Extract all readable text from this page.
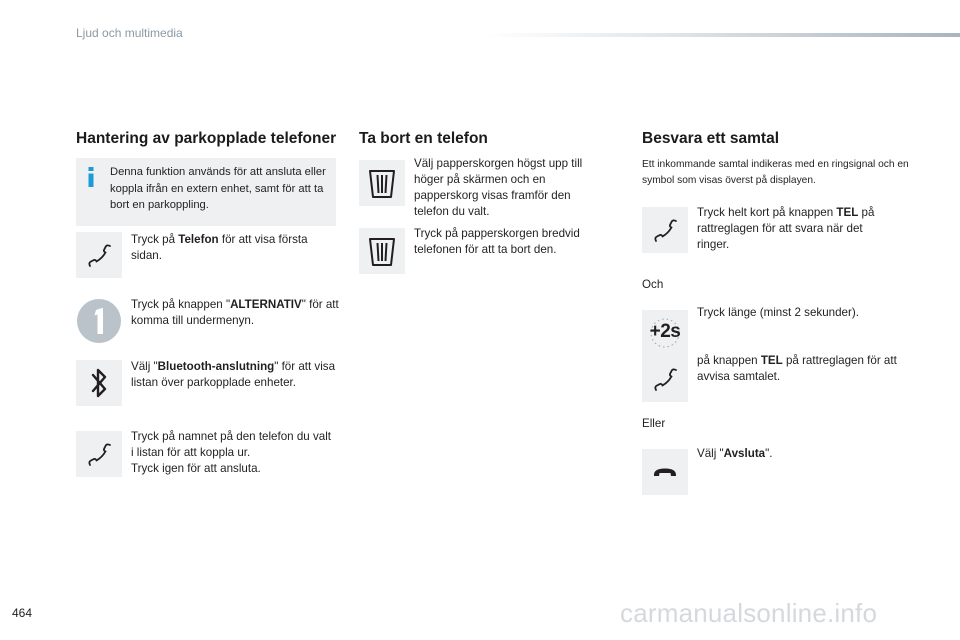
Ljud och multimedia
Hantering av parkopplade telefoner
Denna funktion används för att ansluta eller koppla ifrån en extern enhet, samt för att ta bort en parkoppling.
Tryck på Telefon för att visa första sidan.
Tryck på knappen "ALTERNATIV" för att komma till undermenyn.
Välj "Bluetooth-anslutning" för att visa listan över parkopplade enheter.
Tryck på namnet på den telefon du valt i listan för att koppla ur.
Tryck igen för att ansluta.
Ta bort en telefon
Välj papperskorgen högst upp till höger på skärmen och en papperskorg visas framför den telefon du valt.
Tryck på papperskorgen bredvid telefonen för att ta bort den.
Besvara ett samtal
Ett inkommande samtal indikeras med en ringsignal och en symbol som visas överst på displayen.
Tryck helt kort på knappen TEL på rattreglagen för att svara när det ringer.
Och
+2s
Tryck länge (minst 2 sekunder).
på knappen TEL på rattreglagen för att avvisa samtalet.
Eller
Välj "Avsluta".
464	carmanualsonline.info
